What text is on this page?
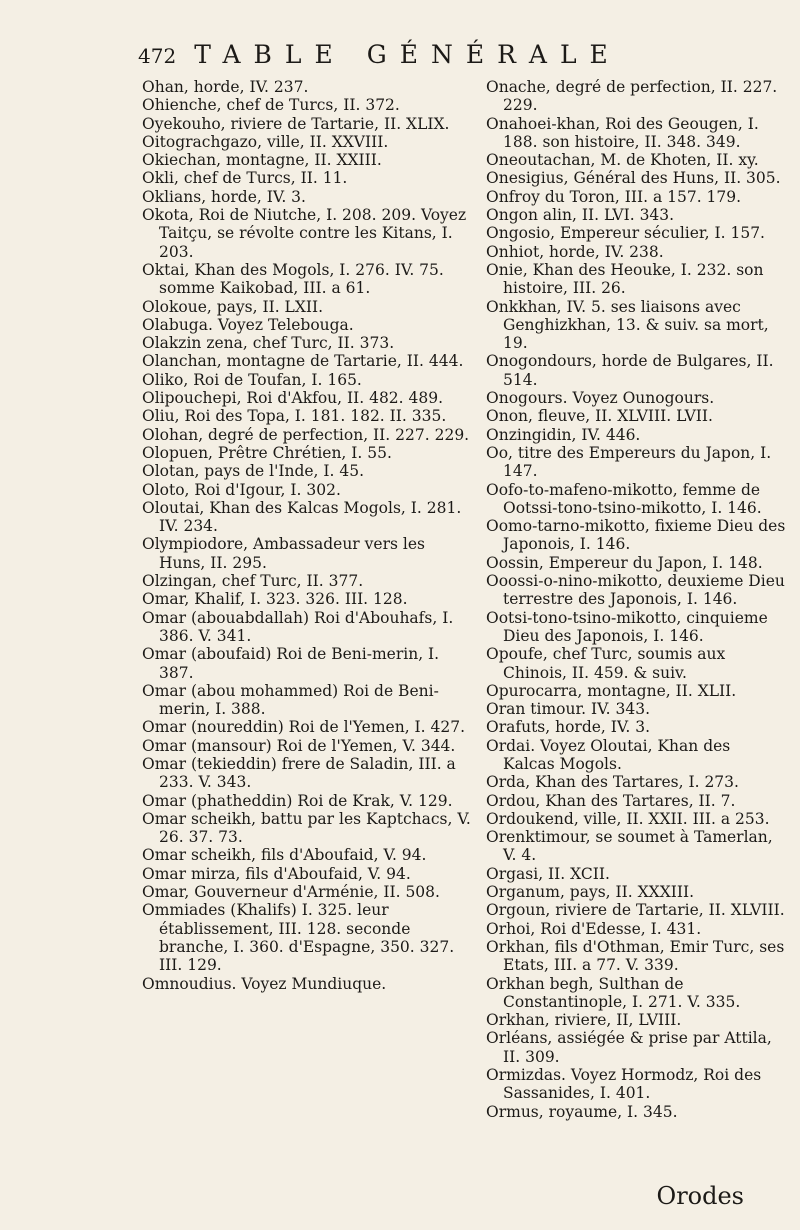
472 TABLE GÉNÉRALE

Ohan, horde, IV. 237.

Ohienche, chef de Turcs, II. 372.

Oyekouho, riviere de Tartarie, II. XLIX.

Oitograchgazo, ville, II. XXVIII.

Okiechan, montagne, II. XXIII.

Okli, chef de Turcs, II. 11.

Oklians, horde, IV. 3.

Okota, Roi de Niutche, I. 208. 209. Voyez Taitçu, se révolte contre les Kitans, I. 203.

Oktai, Khan des Mogols, I. 276. IV. 75. somme Kaikobad, III. a 61.

Olokoue, pays, II. LXII.

Olabuga. Voyez Telebouga.

Olakzin zena, chef Turc, II. 373.

Olanchan, montagne de Tartarie, II. 444.

Oliko, Roi de Toufan, I. 165.

Olipouchepi, Roi d'Akfou, II. 482. 489.

Oliu, Roi des Topa, I. 181. 182. II. 335.

Olohan, degré de perfection, II. 227. 229.

Olopuen, Prêtre Chrétien, I. 55.

Olotan, pays de l'Inde, I. 45.

Oloto, Roi d'Igour, I. 302.

Oloutai, Khan des Kalcas Mogols, I. 281. IV. 234.

Olympiodore, Ambassadeur vers les Huns, II. 295.

Olzingan, chef Turc, II. 377.

Omar, Khalif, I. 323. 326. III. 128.

Omar (abouabdallah) Roi d'Abouhafs, I. 386. V. 341.

Omar (aboufaid) Roi de Beni-merin, I. 387.

Omar (abou mohammed) Roi de Beni-merin, I. 388.

Omar (noureddin) Roi de l'Yemen, I. 427.

Omar (mansour) Roi de l'Yemen, V. 344.

Omar (tekieddin) frere de Saladin, III. a 233. V. 343.

Omar (phatheddin) Roi de Krak, V. 129.

Omar scheikh, battu par les Kaptchacs, V. 26. 37. 73.

Omar scheikh, fils d'Aboufaid, V. 94.

Omar mirza, fils d'Aboufaid, V. 94.

Omar, Gouverneur d'Arménie, II. 508.

Ommiades (Khalifs) I. 325. leur établissement, III. 128. seconde branche, I. 360. d'Espagne, 350. 327. III. 129.

Omnoudius. Voyez Mundiuque.

Onache, degré de perfection, II. 227. 229.

Onahoei-khan, Roi des Geougen, I. 188. son histoire, II. 348. 349.

Oneoutachan, M. de Khoten, II. xy.

Onesigius, Général des Huns, II. 305.

Onfroy du Toron, III. a 157. 179.

Ongon alin, II. LVI. 343.

Ongosio, Empereur séculier, I. 157.

Onhiot, horde, IV. 238.

Onie, Khan des Heouke, I. 232. son histoire, III. 26.

Onkkhan, IV. 5. ses liaisons avec Genghizkhan, 13. & suiv. sa mort, 19.

Onogondours, horde de Bulgares, II. 514.

Onogours. Voyez Ounogours.

Onon, fleuve, II. XLVIII. LVII.

Onzingidin, IV. 446.

Oo, titre des Empereurs du Japon, I. 147.

Oofo-to-mafeno-mikotto, femme de Ootssi-tono-tsino-mikotto, I. 146.

Oomo-tarno-mikotto, fixieme Dieu des Japonois, I. 146.

Oossin, Empereur du Japon, I. 148.

Ooossi-o-nino-mikotto, deuxieme Dieu terrestre des Japonois, I. 146.

Ootsi-tono-tsino-mikotto, cinquieme Dieu des Japonois, I. 146.

Opoufe, chef Turc, soumis aux Chinois, II. 459. & suiv.

Opurocarra, montagne, II. XLII.

Oran timour. IV. 343.

Orafuts, horde, IV. 3.

Ordai. Voyez Oloutai, Khan des Kalcas Mogols.

Orda, Khan des Tartares, I. 273.

Ordou, Khan des Tartares, II. 7.

Ordoukend, ville, II. XXII. III. a 253.

Orenktimour, se soumet à Tamerlan, V. 4.

Orgasi, II. XCII.

Organum, pays, II. XXXIII.

Orgoun, riviere de Tartarie, II. XLVIII.

Orhoi, Roi d'Edesse, I. 431.

Orkhan, fils d'Othman, Emir Turc, ses Etats, III. a 77. V. 339.

Orkhan begh, Sulthan de Constantinople, I. 271. V. 335.

Orkhan, riviere, II, LVIII.

Orléans, assiégée & prise par Attila, II. 309.

Ormizdas. Voyez Hormodz, Roi des Sassanides, I. 401.

Ormus, royaume, I. 345.

Orodes
